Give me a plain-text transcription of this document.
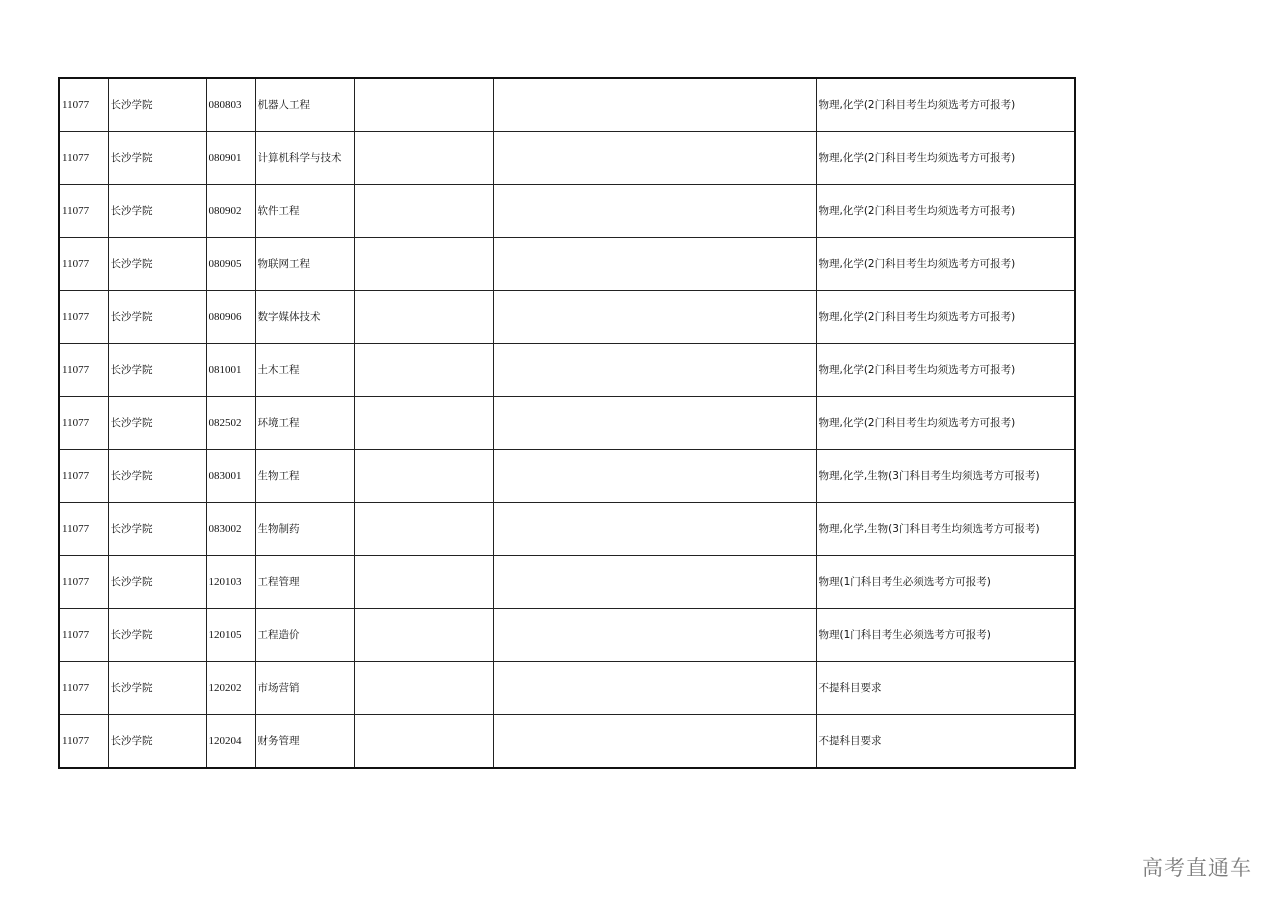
11077	长沙学院	080803	机器人工程			物理,化学(2门科目考生均须选考方可报考)
11077	长沙学院	080901	计算机科学与技术			物理,化学(2门科目考生均须选考方可报考)
11077	长沙学院	080902	软件工程			物理,化学(2门科目考生均须选考方可报考)
11077	长沙学院	080905	物联网工程			物理,化学(2门科目考生均须选考方可报考)
11077	长沙学院	080906	数字媒体技术			物理,化学(2门科目考生均须选考方可报考)
11077	长沙学院	081001	土木工程			物理,化学(2门科目考生均须选考方可报考)
11077	长沙学院	082502	环境工程			物理,化学(2门科目考生均须选考方可报考)
11077	长沙学院	083001	生物工程			物理,化学,生物(3门科目考生均须选考方可报考)
11077	长沙学院	083002	生物制药			物理,化学,生物(3门科目考生均须选考方可报考)
11077	长沙学院	120103	工程管理			物理(1门科目考生必须选考方可报考)
11077	长沙学院	120105	工程造价			物理(1门科目考生必须选考方可报考)
11077	长沙学院	120202	市场营销			不提科目要求
11077	长沙学院	120204	财务管理			不提科目要求
高考直通车
